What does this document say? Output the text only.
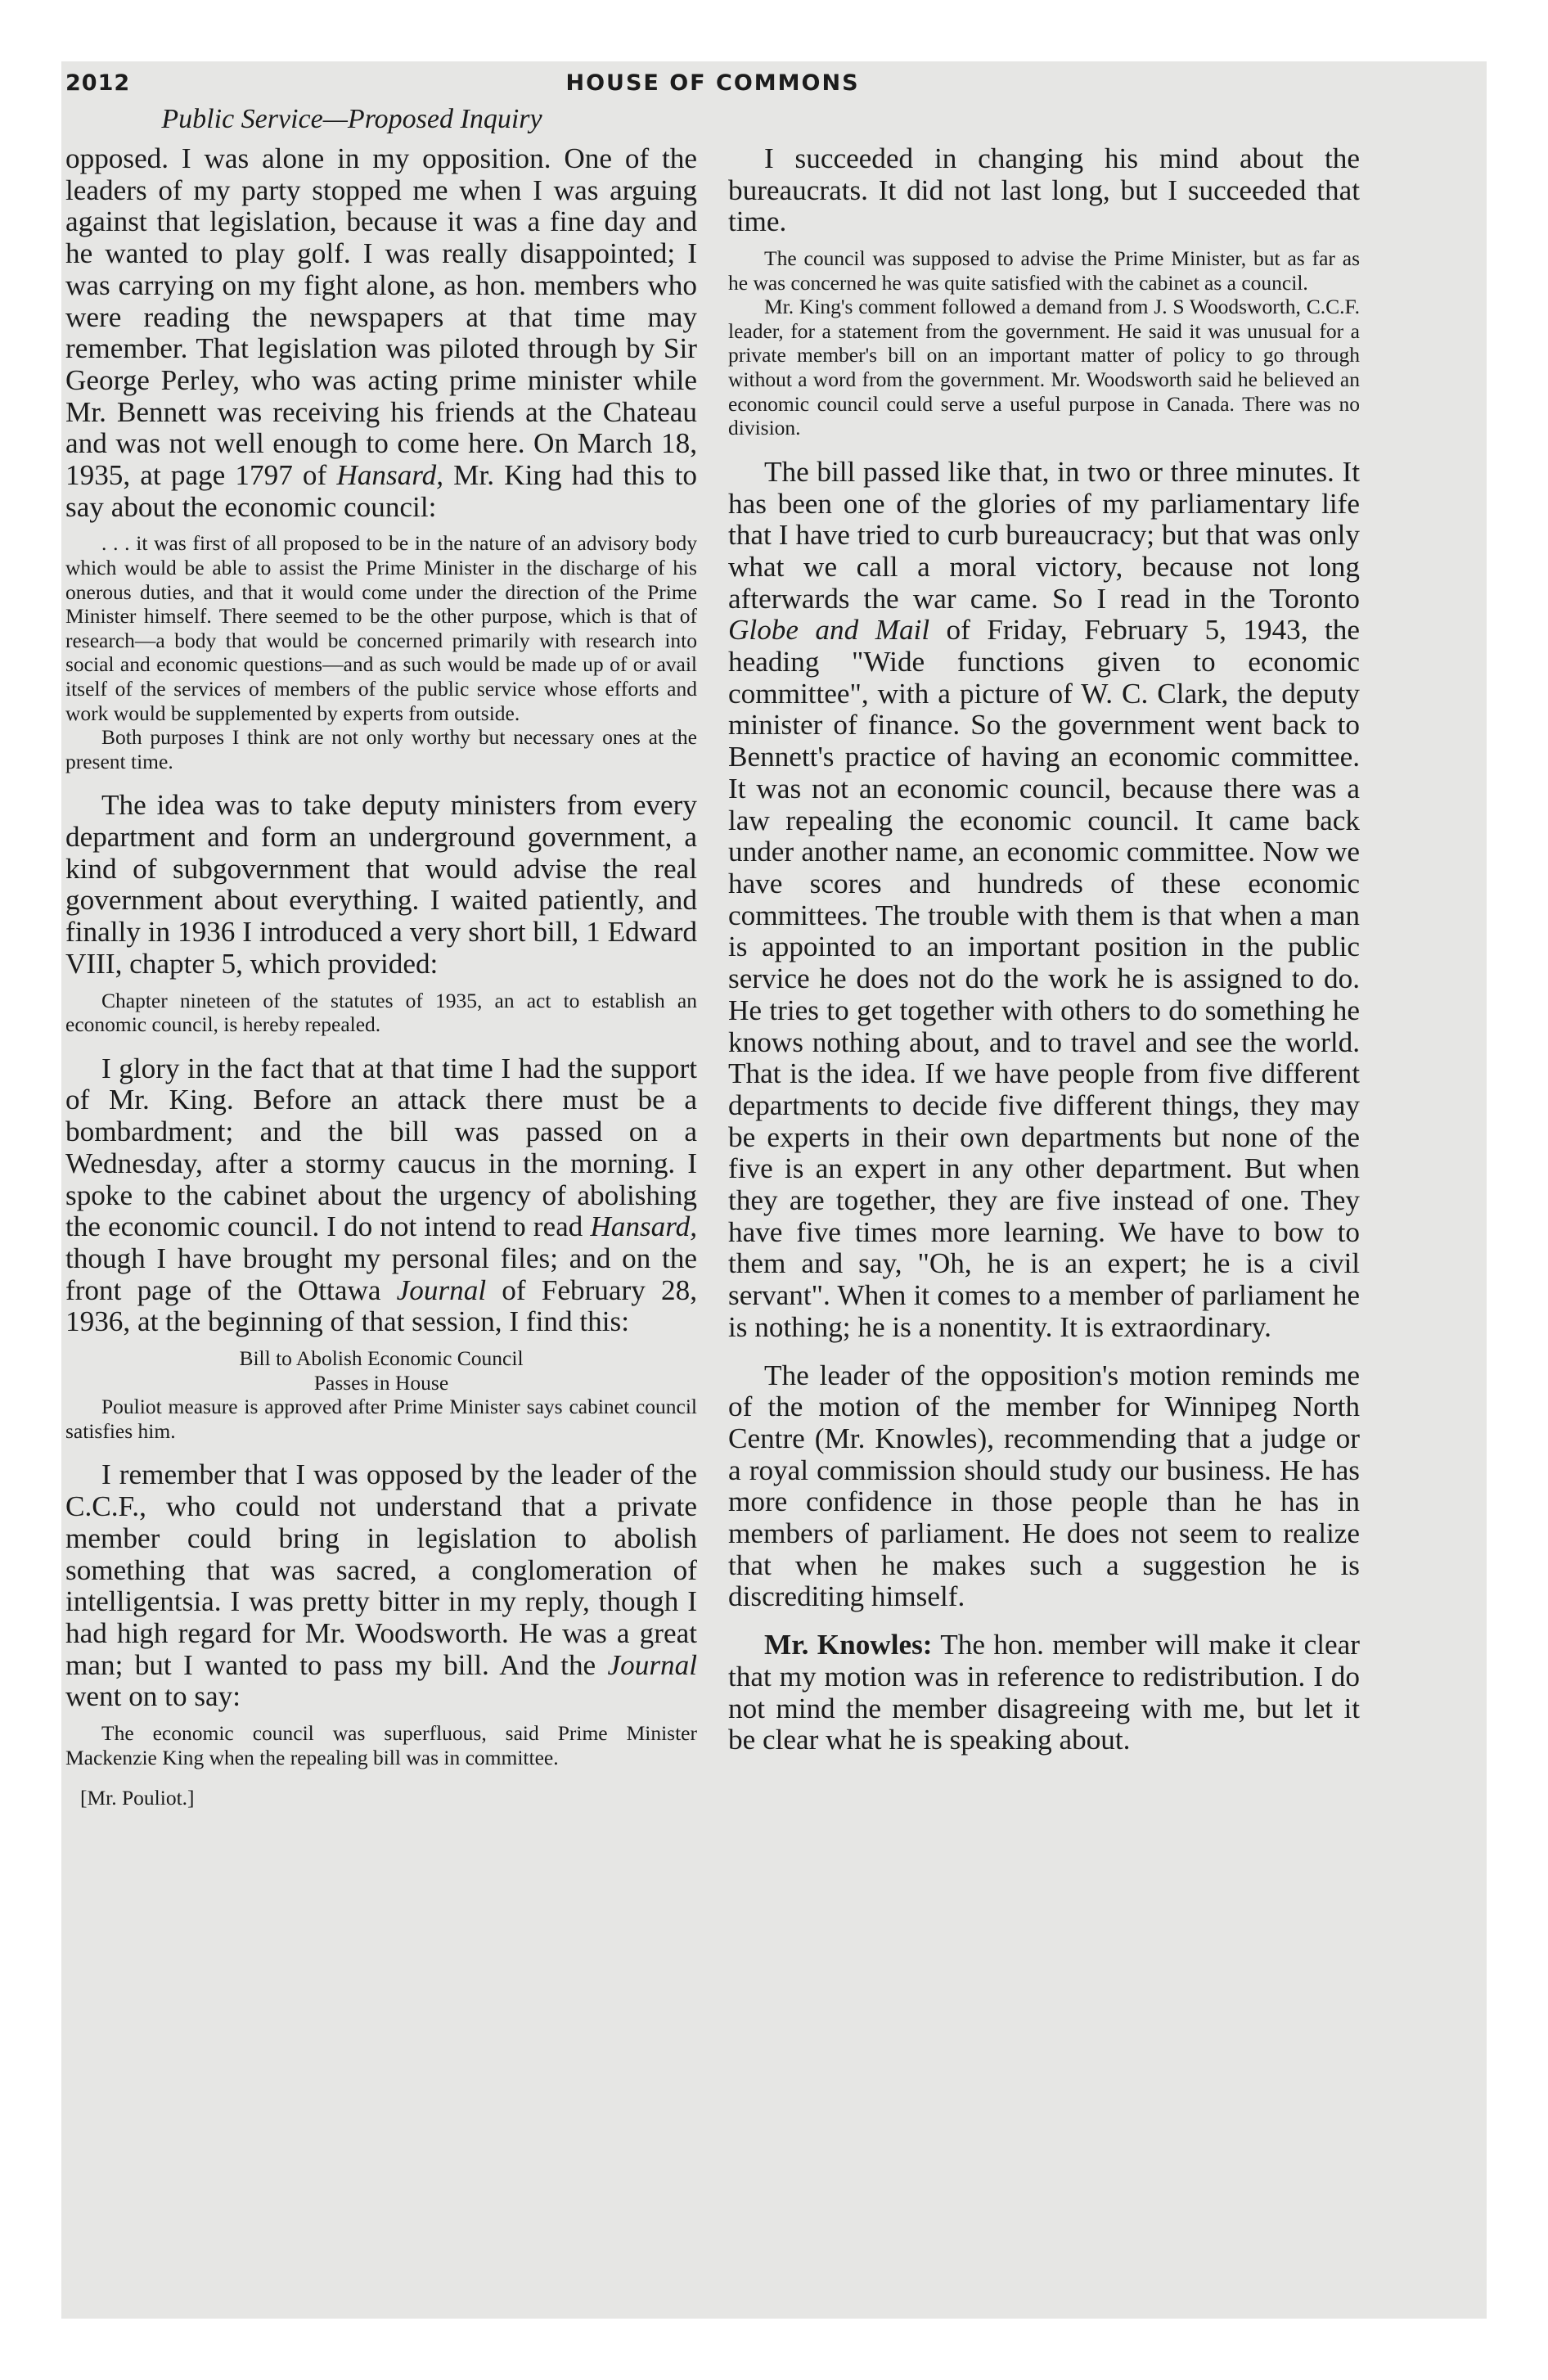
2012	HOUSE OF COMMONS
Public Service—Proposed Inquiry

opposed. I was alone in my opposition. One of the leaders of my party stopped me when I was arguing against that legislation, because it was a fine day and he wanted to play golf. I was really disappointed; I was carrying on my fight alone, as hon. members who were reading the newspapers at that time may remember. That legislation was piloted through by Sir George Perley, who was acting prime minister while Mr. Bennett was receiving his friends at the Chateau and was not well enough to come here. On March 18, 1935, at page 1797 of Hansard, Mr. King had this to say about the economic council:

. . . it was first of all proposed to be in the nature of an advisory body which would be able to assist the Prime Minister in the discharge of his onerous duties, and that it would come under the direction of the Prime Minister himself. There seemed to be the other purpose, which is that of research—a body that would be concerned primarily with research into social and economic questions—and as such would be made up of or avail itself of the services of members of the public service whose efforts and work would be supplemented by experts from outside.

Both purposes I think are not only worthy but necessary ones at the present time.

The idea was to take deputy ministers from every department and form an underground government, a kind of subgovernment that would advise the real government about everything. I waited patiently, and finally in 1936 I introduced a very short bill, 1 Edward VIII, chapter 5, which provided:

Chapter nineteen of the statutes of 1935, an act to establish an economic council, is hereby repealed.

I glory in the fact that at that time I had the support of Mr. King. Before an attack there must be a bombardment; and the bill was passed on a Wednesday, after a stormy caucus in the morning. I spoke to the cabinet about the urgency of abolishing the economic council. I do not intend to read Hansard, though I have brought my personal files; and on the front page of the Ottawa Journal of February 28, 1936, at the beginning of that session, I find this:

Bill to Abolish Economic Council

Passes in House

Pouliot measure is approved after Prime Minister says cabinet council satisfies him.

I remember that I was opposed by the leader of the C.C.F., who could not understand that a private member could bring in legislation to abolish something that was sacred, a conglomeration of intelligentsia. I was pretty bitter in my reply, though I had high regard for Mr. Woodsworth. He was a great man; but I wanted to pass my bill. And the Journal went on to say:

The economic council was superfluous, said Prime Minister Mackenzie King when the repealing bill was in committee.

[Mr. Pouliot.]

I succeeded in changing his mind about the bureaucrats. It did not last long, but I succeeded that time.

The council was supposed to advise the Prime Minister, but as far as he was concerned he was quite satisfied with the cabinet as a council.

Mr. King's comment followed a demand from J. S Woodsworth, C.C.F. leader, for a statement from the government. He said it was unusual for a private member's bill on an important matter of policy to go through without a word from the government. Mr. Woodsworth said he believed an economic council could serve a useful purpose in Canada. There was no division.

The bill passed like that, in two or three minutes. It has been one of the glories of my parliamentary life that I have tried to curb bureaucracy; but that was only what we call a moral victory, because not long afterwards the war came. So I read in the Toronto Globe and Mail of Friday, February 5, 1943, the heading "Wide functions given to economic committee", with a picture of W. C. Clark, the deputy minister of finance. So the government went back to Bennett's practice of having an economic committee. It was not an economic council, because there was a law repealing the economic council. It came back under another name, an economic committee. Now we have scores and hundreds of these economic committees. The trouble with them is that when a man is appointed to an important position in the public service he does not do the work he is assigned to do. He tries to get together with others to do something he knows nothing about, and to travel and see the world. That is the idea. If we have people from five different departments to decide five different things, they may be experts in their own departments but none of the five is an expert in any other department. But when they are together, they are five instead of one. They have five times more learning. We have to bow to them and say, "Oh, he is an expert; he is a civil servant". When it comes to a member of parliament he is nothing; he is a nonentity. It is extraordinary.

The leader of the opposition's motion reminds me of the motion of the member for Winnipeg North Centre (Mr. Knowles), recommending that a judge or a royal commission should study our business. He has more confidence in those people than he has in members of parliament. He does not seem to realize that when he makes such a suggestion he is discrediting himself.

Mr. Knowles: The hon. member will make it clear that my motion was in reference to redistribution. I do not mind the member disagreeing with me, but let it be clear what he is speaking about.
